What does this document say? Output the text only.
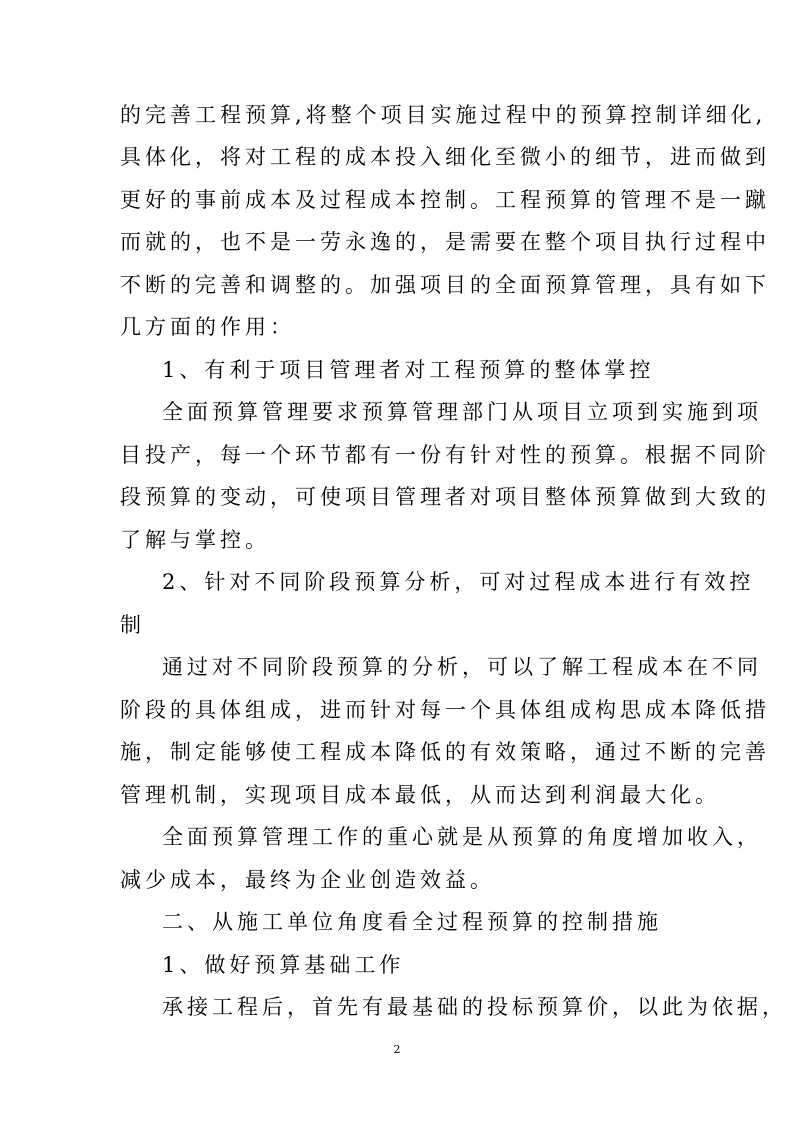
的完善工程预算,将整个项目实施过程中的预算控制详细化,
具体化，将对工程的成本投入细化至微小的细节，进而做到
更好的事前成本及过程成本控制。工程预算的管理不是一蹴
而就的，也不是一劳永逸的，是需要在整个项目执行过程中
不断的完善和调整的。加强项目的全面预算管理，具有如下
几方面的作用：
1、有利于项目管理者对工程预算的整体掌控
全面预算管理要求预算管理部门从项目立项到实施到项
目投产，每一个环节都有一份有针对性的预算。根据不同阶
段预算的变动，可使项目管理者对项目整体预算做到大致的
了解与掌控。
2、针对不同阶段预算分析，可对过程成本进行有效控
制
通过对不同阶段预算的分析，可以了解工程成本在不同
阶段的具体组成，进而针对每一个具体组成构思成本降低措
施，制定能够使工程成本降低的有效策略，通过不断的完善
管理机制，实现项目成本最低，从而达到利润最大化。
全面预算管理工作的重心就是从预算的角度增加收入，
减少成本，最终为企业创造效益。
二、从施工单位角度看全过程预算的控制措施
1、做好预算基础工作
承接工程后，首先有最基础的投标预算价，以此为依据，
2
